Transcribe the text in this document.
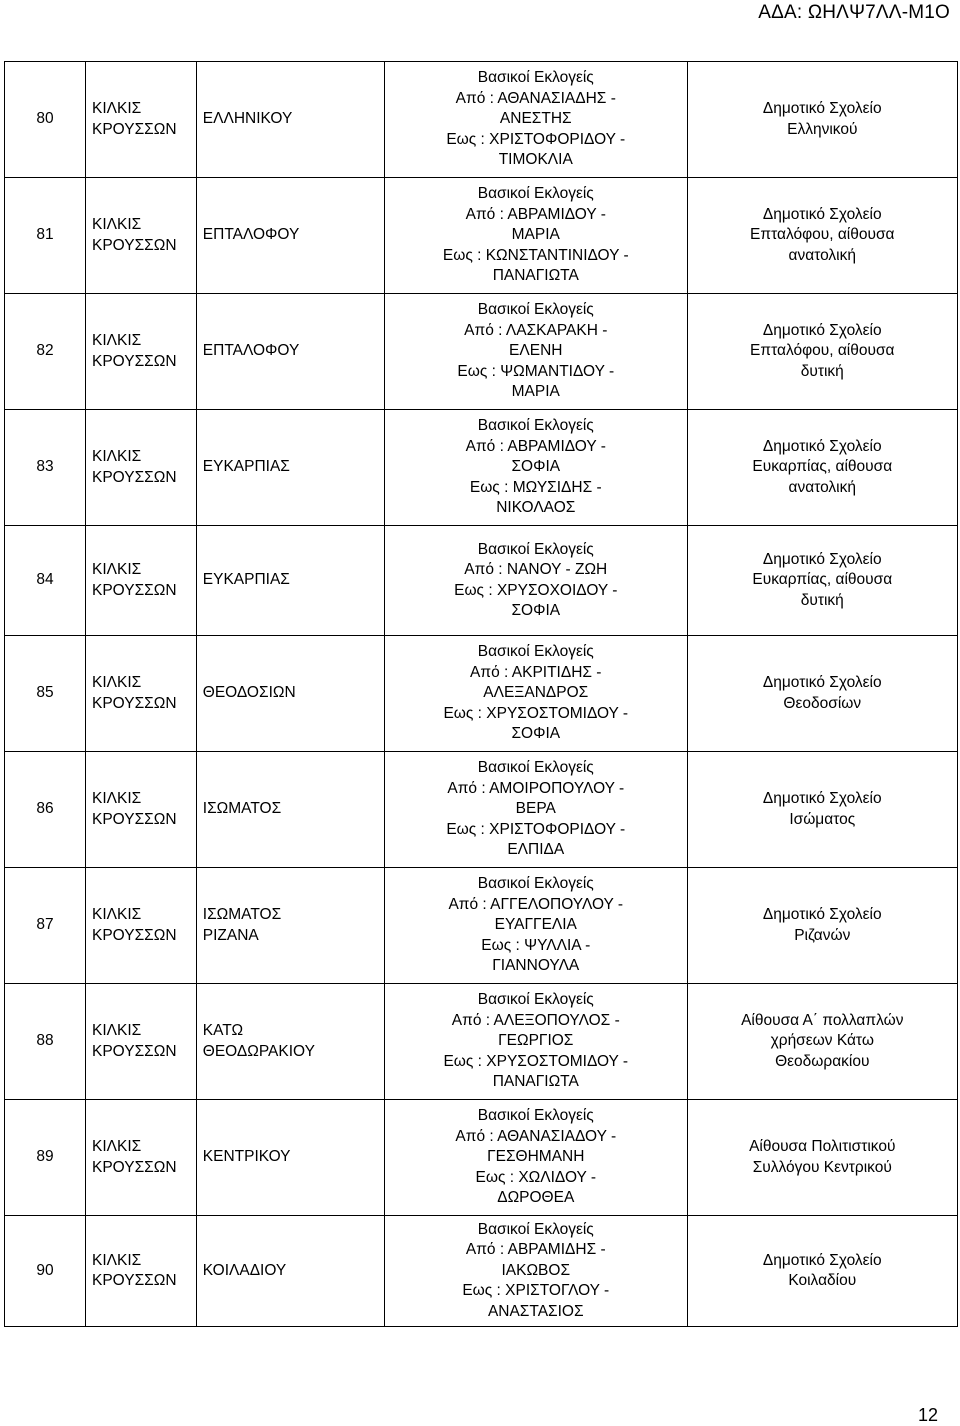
ΑΔΑ: ΩΗΛΨ7ΛΛ-Μ1Ο
80	ΚΙΛΚΙΣ
ΚΡΟΥΣΣΩΝ	ΕΛΛΗΝΙΚΟΥ	Βασικοί Εκλογείς
Από : ΑΘΑΝΑΣΙΑΔΗΣ -
ΑΝΕΣΤΗΣ
Εως : ΧΡΙΣΤΟΦΟΡΙΔΟΥ -
ΤΙΜΟΚΛΙΑ	Δημοτικό Σχολείο
Ελληνικού

81	ΚΙΛΚΙΣ
ΚΡΟΥΣΣΩΝ	ΕΠΤΑΛΟΦΟΥ	Βασικοί Εκλογείς
Από : ΑΒΡΑΜΙΔΟΥ -
ΜΑΡΙΑ
Εως : ΚΩΝΣΤΑΝΤΙΝΙΔΟΥ -
ΠΑΝΑΓΙΩΤΑ	Δημοτικό Σχολείο
Επταλόφου, αίθουσα
ανατολική

82	ΚΙΛΚΙΣ
ΚΡΟΥΣΣΩΝ	ΕΠΤΑΛΟΦΟΥ	Βασικοί Εκλογείς
Από : ΛΑΣΚΑΡΑΚΗ -
ΕΛΕΝΗ
Εως : ΨΩΜΑΝΤΙΔΟΥ -
ΜΑΡΙΑ	Δημοτικό Σχολείο
Επταλόφου, αίθουσα
δυτική

83	ΚΙΛΚΙΣ
ΚΡΟΥΣΣΩΝ	ΕΥΚΑΡΠΙΑΣ	Βασικοί Εκλογείς
Από : ΑΒΡΑΜΙΔΟΥ -
ΣΟΦΙΑ
Εως : ΜΩΥΣΙΔΗΣ -
ΝΙΚΟΛΑΟΣ	Δημοτικό Σχολείο
Ευκαρπίας, αίθουσα
ανατολική

84	ΚΙΛΚΙΣ
ΚΡΟΥΣΣΩΝ	ΕΥΚΑΡΠΙΑΣ	Βασικοί Εκλογείς
Από : ΝΑΝΟΥ - ΖΩΗ
Εως : ΧΡΥΣΟΧΟΙΔΟΥ -
ΣΟΦΙΑ	Δημοτικό Σχολείο
Ευκαρπίας, αίθουσα
δυτική

85	ΚΙΛΚΙΣ
ΚΡΟΥΣΣΩΝ	ΘΕΟΔΟΣΙΩΝ	Βασικοί Εκλογείς
Από : ΑΚΡΙΤΙΔΗΣ -
ΑΛΕΞΑΝΔΡΟΣ
Εως : ΧΡΥΣΟΣΤΟΜΙΔΟΥ -
ΣΟΦΙΑ	Δημοτικό Σχολείο
Θεοδοσίων

86	ΚΙΛΚΙΣ
ΚΡΟΥΣΣΩΝ	ΙΣΩΜΑΤΟΣ	Βασικοί Εκλογείς
Από : ΑΜΟΙΡΟΠΟΥΛΟΥ -
ΒΕΡΑ
Εως : ΧΡΙΣΤΟΦΟΡΙΔΟΥ -
ΕΛΠΙΔΑ	Δημοτικό Σχολείο
Ισώματος

87	ΚΙΛΚΙΣ
ΚΡΟΥΣΣΩΝ	ΙΣΩΜΑΤΟΣ
ΡΙΖΑΝΑ	Βασικοί Εκλογείς
Από : ΑΓΓΕΛΟΠΟΥΛΟΥ -
ΕΥΑΓΓΕΛΙΑ
Εως : ΨΥΛΛΙΑ -
ΓΙΑΝΝΟΥΛΑ	Δημοτικό Σχολείο
Ριζανών

88	ΚΙΛΚΙΣ
ΚΡΟΥΣΣΩΝ	ΚΑΤΩ
ΘΕΟΔΩΡΑΚΙΟΥ	Βασικοί Εκλογείς
Από : ΑΛΕΞΟΠΟΥΛΟΣ -
ΓΕΩΡΓΙΟΣ
Εως : ΧΡΥΣΟΣΤΟΜΙΔΟΥ -
ΠΑΝΑΓΙΩΤΑ	Αίθουσα Α΄ πολλαπλών
χρήσεων Κάτω
Θεοδωρακίου

89	ΚΙΛΚΙΣ
ΚΡΟΥΣΣΩΝ	ΚΕΝΤΡΙΚΟΥ	Βασικοί Εκλογείς
Από : ΑΘΑΝΑΣΙΑΔΟΥ -
ΓΕΣΘΗΜΑΝΗ
Εως : ΧΩΛΙΔΟΥ -
ΔΩΡΟΘΕΑ	Αίθουσα Πολιτιστικού
Συλλόγου Κεντρικού

90	ΚΙΛΚΙΣ
ΚΡΟΥΣΣΩΝ	ΚΟΙΛΑΔΙΟΥ	Βασικοί Εκλογείς
Από : ΑΒΡΑΜΙΔΗΣ -
ΙΑΚΩΒΟΣ
Εως : ΧΡΙΣΤΟΓΛΟΥ -
ΑΝΑΣΤΑΣΙΟΣ	Δημοτικό Σχολείο
Κοιλαδίου
12
